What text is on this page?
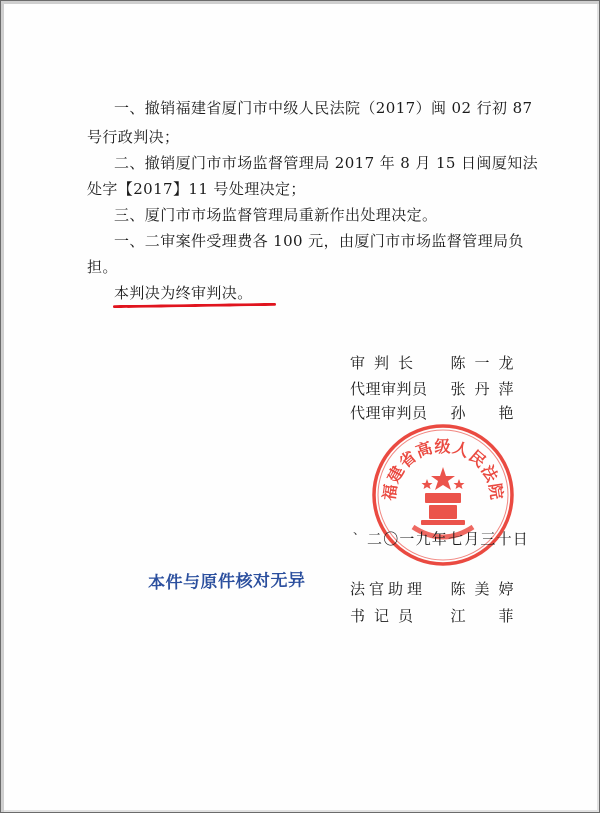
一、撤销福建省厦门市中级人民法院（2017）闽 02 行初 87
号行政判决；
二、撤销厦门市市场监督管理局 2017 年 8 月 15 日闽厦知法
处字【2017】11 号处理决定；
三、厦门市市场监督管理局重新作出处理决定。
一、二审案件受理费各 100 元，由厦门市市场监督管理局负
担。
本判决为终审判决。
审判长 陈 一 龙
代理审判员 张 丹 萍
代理审判员 孙 艳
福建省高级人民法院
、 二〇一九年七月三十日
本件与原件核对无异	法官助理 陈 美 婷
书记员 江 菲
